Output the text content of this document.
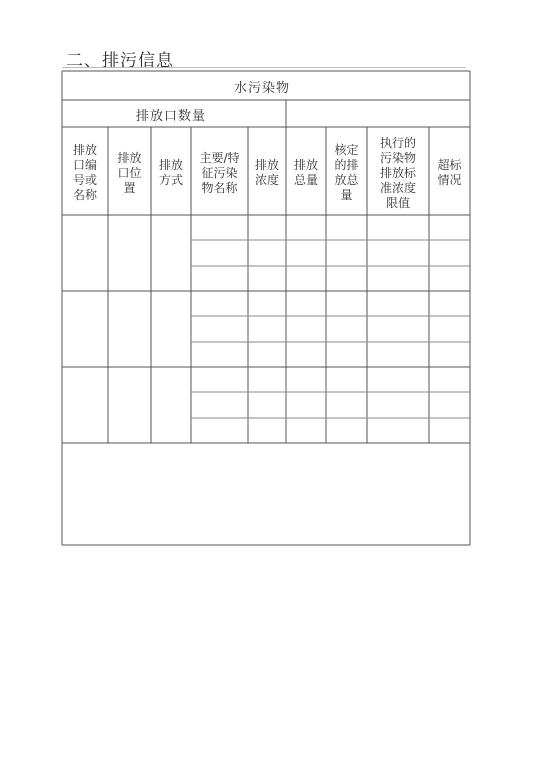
二、排污信息
水污染物
排放口数量
排放
口编
号或
名称
排放
口位
置
排放
方式
主要/特
征污染
物名称
排放
浓度
排放
总量
核定
的排
放总
量
执行的
污染物
排放标
准浓度
限值
超标
情况
